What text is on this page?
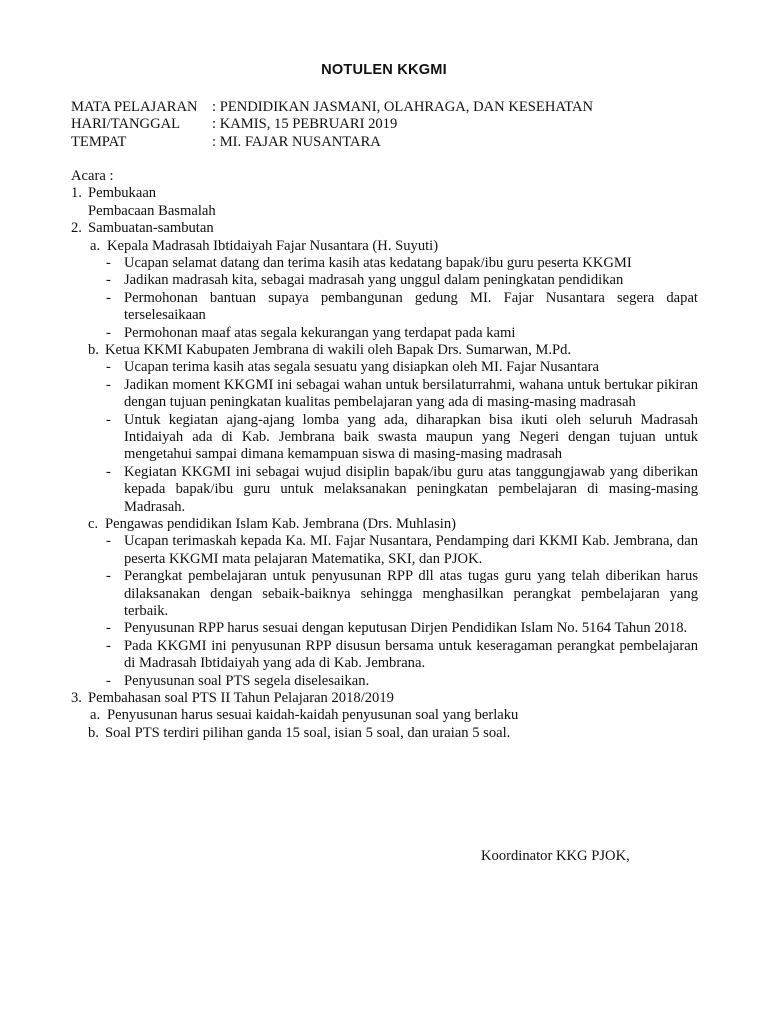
NOTULEN KKGMI
MATA PELAJARAN : PENDIDIKAN JASMANI, OLAHRAGA, DAN KESEHATAN
HARI/TANGGAL	: KAMIS, 15 PEBRUARI 2019
TEMPAT	: MI. FAJAR NUSANTARA
Acara :
1. Pembukaan
Pembacaan Basmalah
2. Sambuatan-sambutan
a. Kepala Madrasah Ibtidaiyah Fajar Nusantara (H. Suyuti)
- Ucapan selamat datang dan terima kasih atas kedatang bapak/ibu guru peserta KKGMI
- Jadikan madrasah kita, sebagai madrasah yang unggul dalam peningkatan pendidikan
- Permohonan bantuan supaya pembangunan gedung MI. Fajar Nusantara segera dapat terselesaikaan
- Permohonan maaf atas segala kekurangan yang terdapat pada kami
b. Ketua KKMI Kabupaten Jembrana di wakili oleh Bapak Drs. Sumarwan, M.Pd.
- Ucapan terima kasih atas segala sesuatu yang disiapkan oleh MI. Fajar Nusantara
- Jadikan moment KKGMI ini sebagai wahan untuk bersilaturrahmi, wahana untuk bertukar pikiran dengan tujuan peningkatan kualitas pembelajaran yang ada di masing-masing madrasah
- Untuk kegiatan ajang-ajang lomba yang ada, diharapkan bisa ikuti oleh seluruh Madrasah Intidaiyah ada di Kab. Jembrana baik swasta maupun yang Negeri dengan tujuan untuk mengetahui sampai dimana kemampuan siswa di masing-masing madrasah
- Kegiatan KKGMI ini sebagai wujud disiplin bapak/ibu guru atas tanggungjawab yang diberikan kepada bapak/ibu guru untuk melaksanakan peningkatan pembelajaran di masing-masing Madrasah.
c. Pengawas pendidikan Islam Kab. Jembrana (Drs. Muhlasin)
- Ucapan terimaskah kepada Ka. MI. Fajar Nusantara, Pendamping dari KKMI Kab. Jembrana, dan peserta KKGMI mata pelajaran Matematika, SKI, dan PJOK.
- Perangkat pembelajaran untuk penyusunan RPP dll atas tugas guru yang telah diberikan harus dilaksanakan dengan sebaik-baiknya sehingga menghasilkan perangkat pembelajaran yang terbaik.
- Penyusunan RPP harus sesuai dengan keputusan Dirjen Pendidikan Islam No. 5164 Tahun 2018.
- Pada KKGMI ini penyusunan RPP disusun bersama untuk keseragaman perangkat pembelajaran di Madrasah Ibtidaiyah yang ada di Kab. Jembrana.
- Penyusunan soal PTS segela diselesaikan.
3. Pembahasan soal PTS II Tahun Pelajaran 2018/2019
a. Penyusunan harus sesuai kaidah-kaidah penyusunan soal yang berlaku
b. Soal PTS terdiri pilihan ganda 15 soal, isian 5 soal, dan uraian 5 soal.
Koordinator KKG PJOK,
